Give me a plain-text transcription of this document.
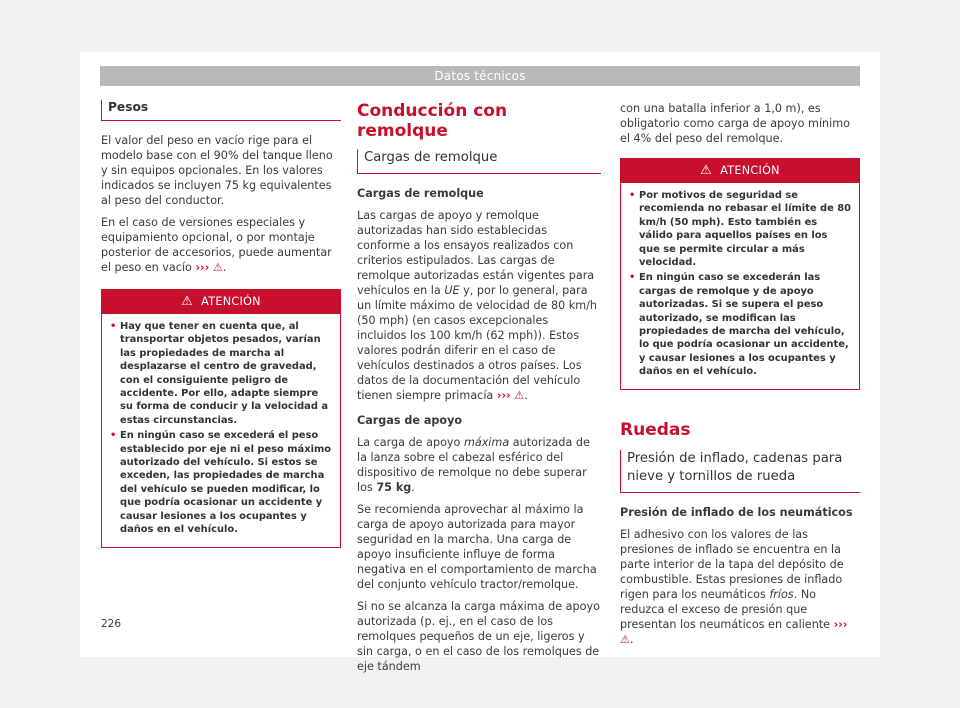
Datos técnicos
Pesos

El valor del peso en vacío rige para el modelo base con el 90% del tanque lleno y sin equipos opcionales. En los valores indicados se incluyen 75 kg equivalentes al peso del conductor.

En el caso de versiones especiales y equipamiento opcional, o por montaje posterior de accesorios, puede aumentar el peso en vacío ››› ⚠.

⚠ ATENCIÓN
• Hay que tener en cuenta que, al transportar objetos pesados, varían las propiedades de marcha al desplazarse el centro de gravedad, con el consiguiente peligro de accidente. Por ello, adapte siempre su forma de conducir y la velocidad a estas circunstancias.
• En ningún caso se excederá el peso establecido por eje ni el peso máximo autorizado del vehículo. Si estos se exceden, las propiedades de marcha del vehículo se pueden modificar, lo que podría ocasionar un accidente y causar lesiones a los ocupantes y daños en el vehículo.
Conducción con remolque
Cargas de remolque

Cargas de remolque

Las cargas de apoyo y remolque autorizadas han sido establecidas conforme a los ensayos realizados con criterios estipulados. Las cargas de remolque autorizadas están vigentes para vehículos en la UE y, por lo general, para un límite máximo de velocidad de 80 km/h (50 mph) (en casos excepcionales incluidos los 100 km/h (62 mph)). Estos valores podrán diferir en el caso de vehículos destinados a otros países. Los datos de la documentación del vehículo tienen siempre primacía ››› ⚠.

Cargas de apoyo

La carga de apoyo máxima autorizada de la lanza sobre el cabezal esférico del dispositivo de remolque no debe superar los 75 kg.

Se recomienda aprovechar al máximo la carga de apoyo autorizada para mayor seguridad en la marcha. Una carga de apoyo insuficiente influye de forma negativa en el comportamiento de marcha del conjunto vehículo tractor/remolque.

Si no se alcanza la carga máxima de apoyo autorizada (p. ej., en el caso de los remolques pequeños de un eje, ligeros y sin carga, o en el caso de los remolques de eje tándem

con una batalla inferior a 1,0 m), es obligatorio como carga de apoyo mínimo el 4% del peso del remolque.

⚠ ATENCIÓN
• Por motivos de seguridad se recomienda no rebasar el límite de 80 km/h (50 mph). Esto también es válido para aquellos países en los que se permite circular a más velocidad.
• En ningún caso se excederán las cargas de remolque y de apoyo autorizadas. Si se supera el peso autorizado, se modifican las propiedades de marcha del vehículo, lo que podría ocasionar un accidente, y causar lesiones a los ocupantes y daños en el vehículo.
Ruedas
Presión de inflado, cadenas para nieve y tornillos de rueda

Presión de inflado de los neumáticos

El adhesivo con los valores de las presiones de inflado se encuentra en la parte interior de la tapa del depósito de combustible. Estas presiones de inflado rigen para los neumáticos fríos. No reduzca el exceso de presión que presentan los neumáticos en caliente ››› ⚠.

226
